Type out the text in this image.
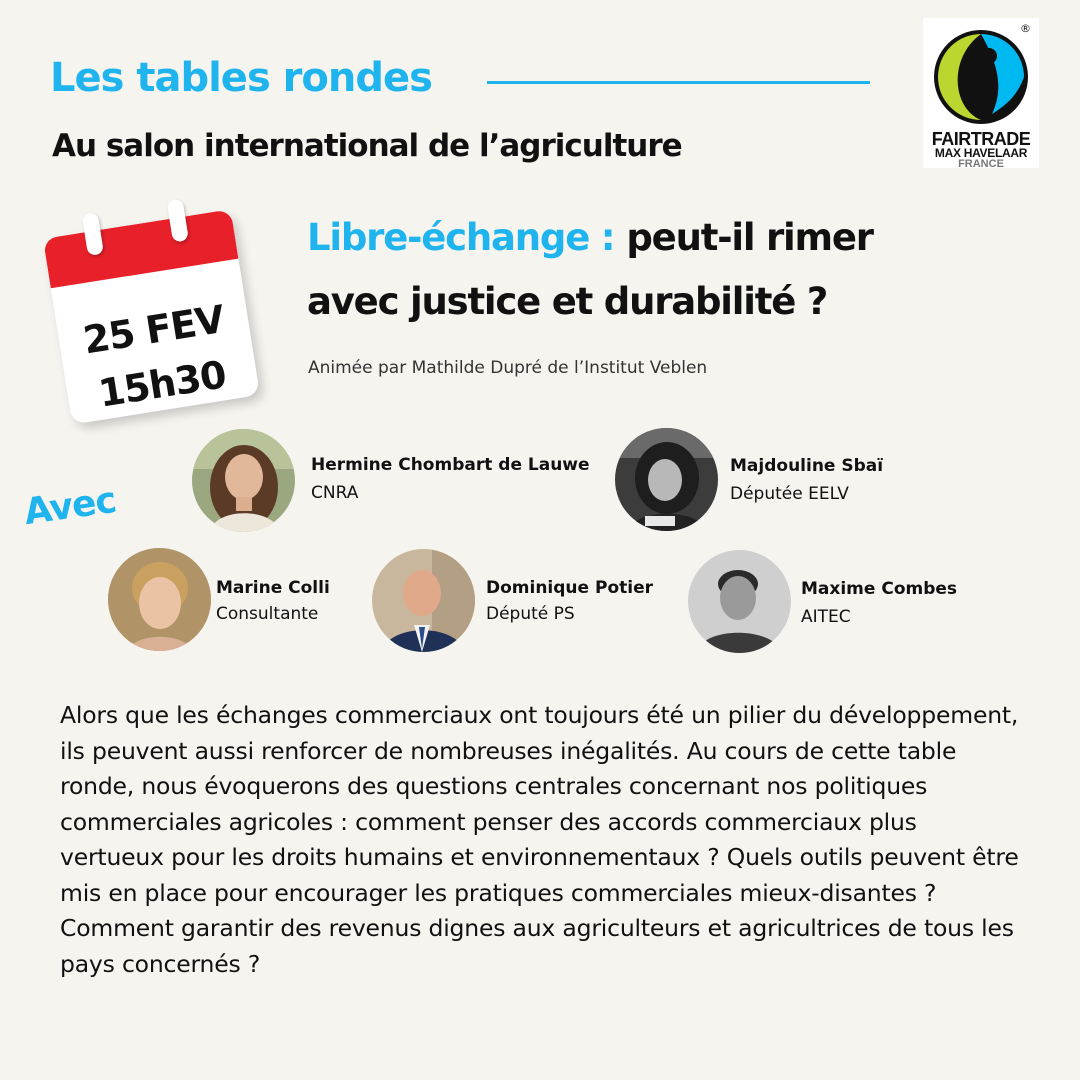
Les tables rondes
Au salon international de l’agriculture
®
FAIRTRADE
MAX HAVELAAR
FRANCE
25 FEV
15h30
Libre-échange : peut-il rimer
avec justice et durabilité ?
Animée par Mathilde Dupré de l’Institut Veblen
Avec
Hermine Chombart de Lauwe
CNRA
Majdouline Sbaï
Députée EELV
Marine Colli
Consultante
Dominique Potier
Député PS
Maxime Combes
AITEC
Alors que les échanges commerciaux ont toujours été un pilier du développement, ils peuvent aussi renforcer de nombreuses inégalités. Au cours de cette table ronde, nous évoquerons des questions centrales concernant nos politiques commerciales agricoles : comment penser des accords commerciaux plus vertueux pour les droits humains et environnementaux ? Quels outils peuvent être mis en place pour encourager les pratiques commerciales mieux-disantes ? Comment garantir des revenus dignes aux agriculteurs et agricultrices de tous les pays concernés ?
